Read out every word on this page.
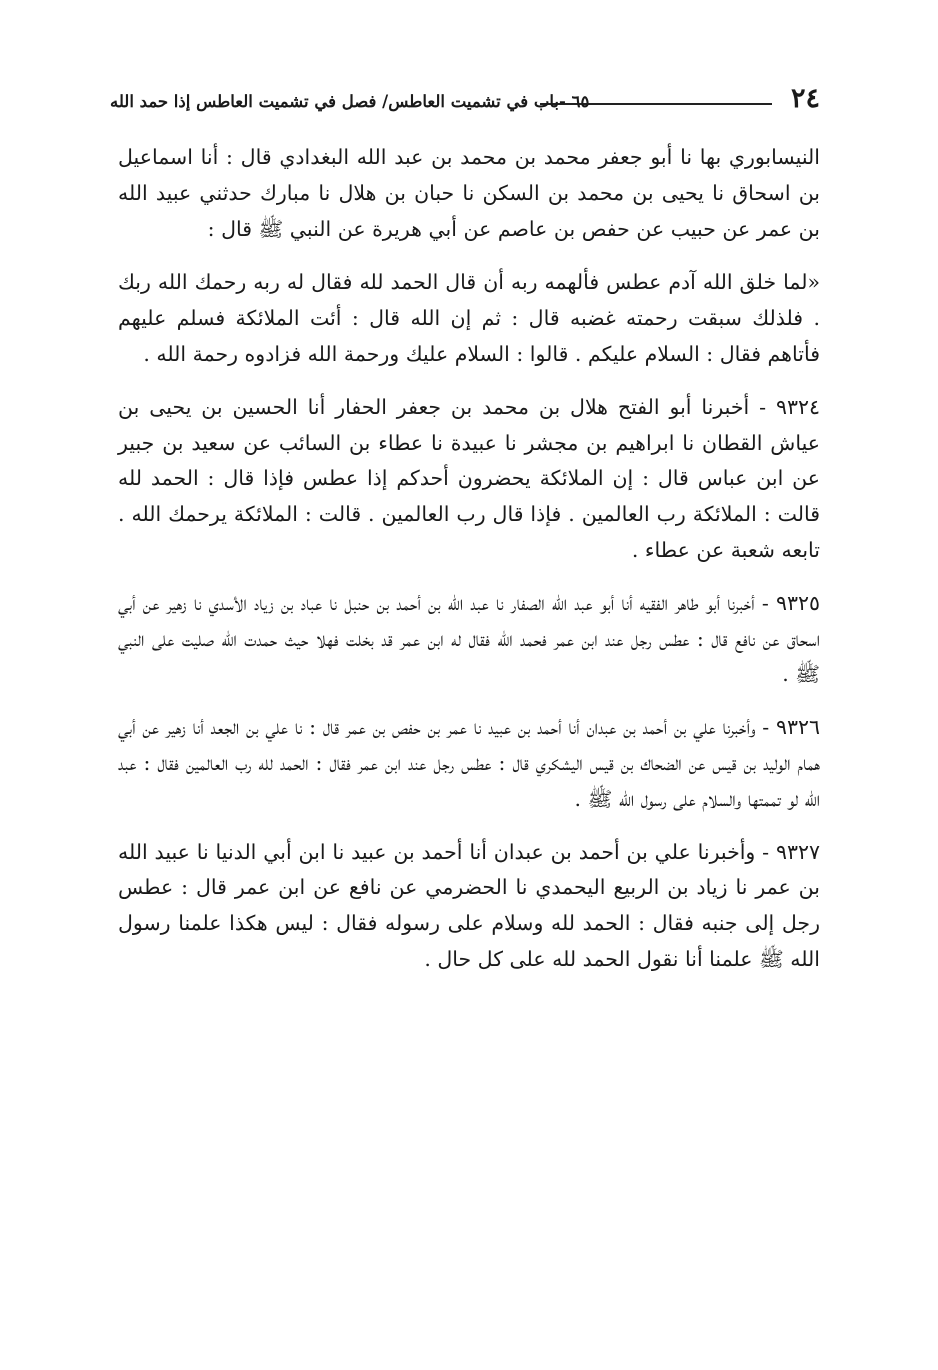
٢٤
٦٥ -باب في تشميت العاطس/ فصل في تشميت العاطس إذا حمد الله

النيسابوري بها نا أبو جعفر محمد بن محمد بن عبد الله البغدادي قال : أنا اسماعيل بن اسحاق نا يحيى بن محمد بن السكن نا حبان بن هلال نا مبارك حدثني عبيد الله بن عمر عن حبيب عن حفص بن عاصم عن أبي هريرة عن النبي ﷺ قال :

«لما خلق الله آدم عطس فألهمه ربه أن قال الحمد لله فقال له ربه رحمك الله ربك . فلذلك سبقت رحمته غضبه قال : ثم إن الله قال : أئت الملائكة فسلم عليهم فأتاهم فقال : السلام عليكم . قالوا : السلام عليك ورحمة الله فزادوه رحمة الله .

٩٣٢٤ - أخبرنا أبو الفتح هلال بن محمد بن جعفر الحفار أنا الحسين بن يحيى بن عياش القطان نا ابراهيم بن مجشر نا عبيدة نا عطاء بن السائب عن سعيد بن جبير عن ابن عباس قال : إن الملائكة يحضرون أحدكم إذا عطس فإذا قال : الحمد لله قالت : الملائكة رب العالمين . فإذا قال رب العالمين . قالت : الملائكة يرحمك الله . تابعه شعبة عن عطاء .

٩٣٢٥ - أخبرنا أبو طاهر الفقيه أنا أبو عبد الله الصفار نا عبد الله بن أحمد بن حنبل نا عباد بن زياد الأسدي نا زهير عن أبي اسحاق عن نافع قال : عطس رجل عند ابن عمر فحمد الله فقال له ابن عمر قد بخلت فهلا حيث حمدت الله صليت على النبي ﷺ .

٩٣٢٦ - وأخبرنا علي بن أحمد بن عبدان أنا أحمد بن عبيد نا عمر بن حفص بن عمر قال : نا علي بن الجعد أنا زهير عن أبي همام الوليد بن قيس عن الضحاك بن قيس اليشكري قال : عطس رجل عند ابن عمر فقال : الحمد لله رب العالمين فقال : عبد الله لو تممتها والسلام على رسول الله ﷺ .

٩٣٢٧ - وأخبرنا علي بن أحمد بن عبدان أنا أحمد بن عبيد نا ابن أبي الدنيا نا عبيد الله بن عمر نا زياد بن الربيع اليحمدي نا الحضرمي عن نافع عن ابن عمر قال : عطس رجل إلى جنبه فقال : الحمد لله وسلام على رسوله فقال : ليس هكذا علمنا رسول الله ﷺ علمنا أنا نقول الحمد لله على كل حال .
